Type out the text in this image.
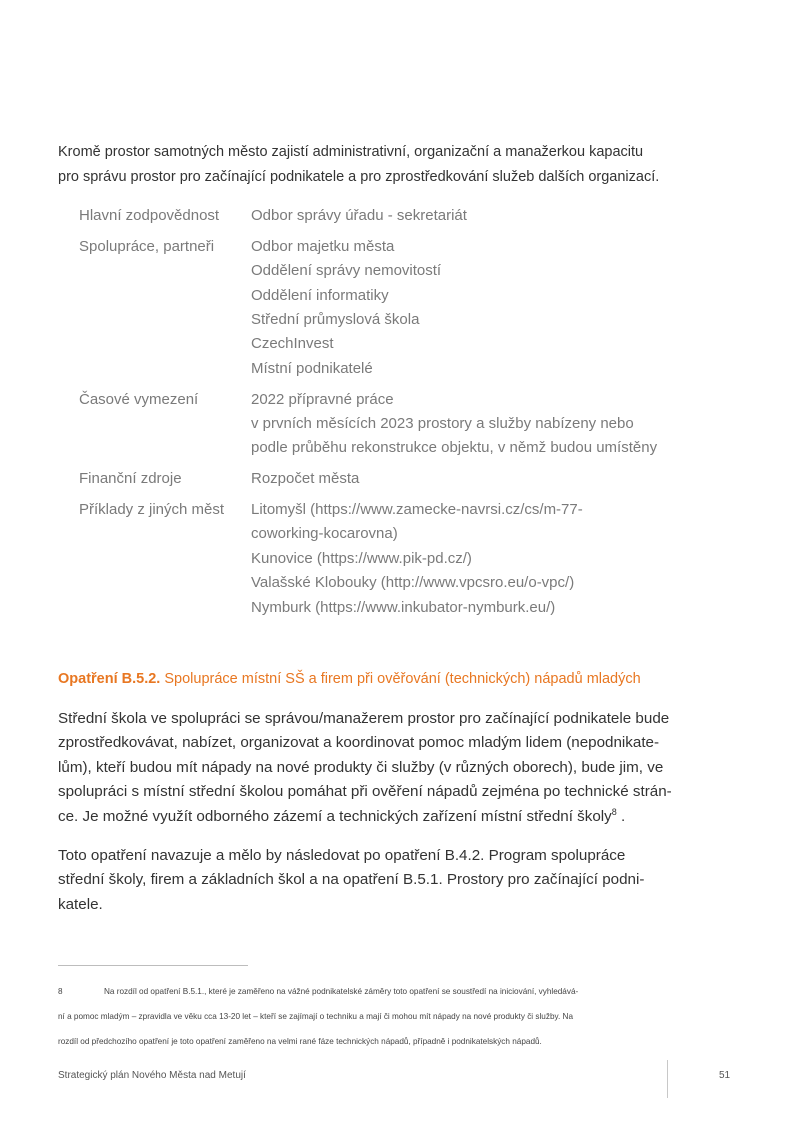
Kromě prostor samotných město zajistí administrativní, organizační a manažerkou kapacitu

pro správu prostor pro začínající podnikatele a pro zprostředkování služeb dalších organizací.

Hlavní zodpovědnost	Odbor správy úřadu - sekretariát
Spolupráce, partneři	Odbor majetku města
Oddělení správy nemovitostí
Oddělení informatiky
Střední průmyslová škola
CzechInvest
Místní podnikatelé
Časové vymezení	2022 přípravné práce
v prvních měsících 2023 prostory a služby nabízeny nebo
podle průběhu rekonstrukce objektu, v němž budou umístěny
Finanční zdroje	Rozpočet města
Příklady z jiných měst	Litomyšl (https://www.zamecke-navrsi.cz/cs/m-77-
coworking-kocarovna)
Kunovice (https://www.pik-pd.cz/)
Valašské Klobouky (http://www.vpcsro.eu/o-vpc/)
Nymburk (https://www.inkubator-nymburk.eu/)
Opatření B.5.2. Spolupráce místní SŠ a firem při ověřování (technických) nápadů mladých
Střední škola ve spolupráci se správou/manažerem prostor pro začínající podnikatele bude
zprostředkovávat, nabízet, organizovat a koordinovat pomoc mladým lidem (nepodnikate-
lům), kteří budou mít nápady na nové produkty či služby (v různých oborech), bude jim, ve
spolupráci s místní střední školou pomáhat při ověření nápadů zejména po technické strán-
ce. Je možné využít odborného zázemí a technických zařízení místní střední školy$^8$ .
Toto opatření navazuje a mělo by následovat po opatření B.4.2. Program spolupráce
střední školy, firem a základních škol a na opatření B.5.1. Prostory pro začínající podni-
katele.
8	Na rozdíl od opatření B.5.1., které je zaměřeno na vážné podnikatelské záměry toto opatření se soustředí na iniciování, vyhledává-
ní a pomoc mladým – zpravidla ve věku cca 13-20 let – kteří se zajímají o techniku a mají či mohou mít nápady na nové produkty či služby. Na
rozdíl od předchozího opatření je toto opatření zaměřeno na velmi rané fáze technických nápadů, případně i podnikatelských nápadů.
Strategický plán Nového Města nad Metují	51
